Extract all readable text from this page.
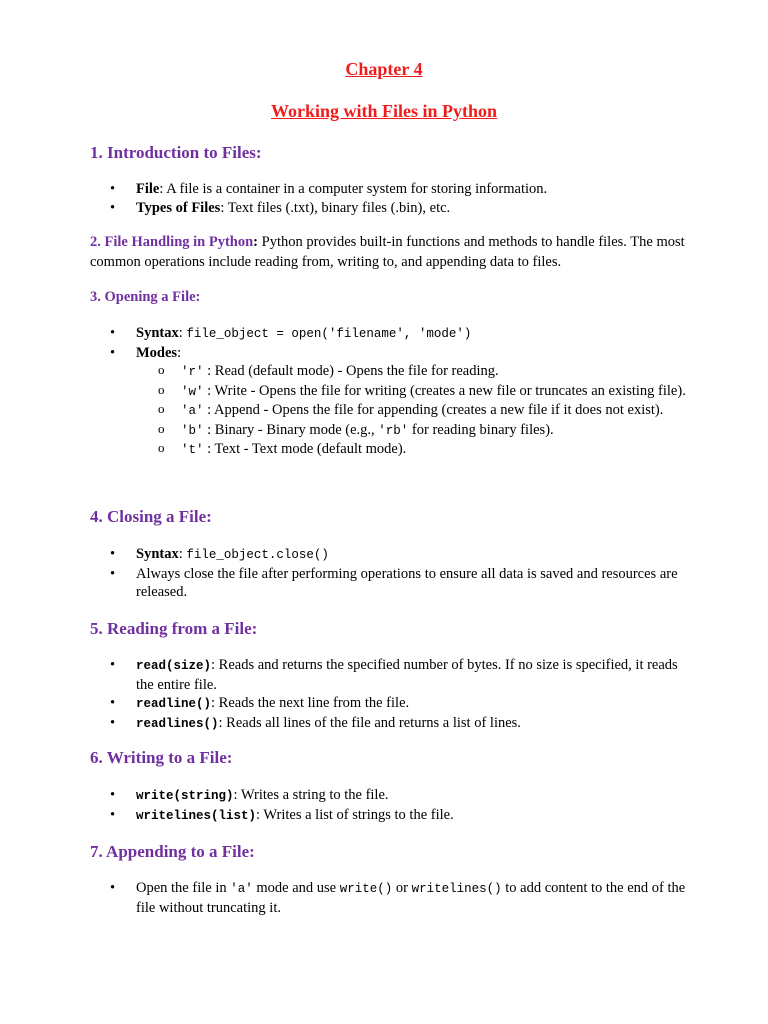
Chapter 4
Working with Files in Python
1. Introduction to Files:
• File: A file is a container in a computer system for storing information.
• Types of Files: Text files (.txt), binary files (.bin), etc.

2. File Handling in Python: Python provides built-in functions and methods to handle files. The most common operations include reading from, writing to, and appending data to files.

3. Opening a File:

• Syntax: file_object = open('filename', 'mode')
• Modes:
o 'r' : Read (default mode) - Opens the file for reading.
o 'w' : Write - Opens the file for writing (creates a new file or truncates an existing file).
o 'a' : Append - Opens the file for appending (creates a new file if it does not exist).
o 'b' : Binary - Binary mode (e.g., 'rb' for reading binary files).
o 't' : Text - Text mode (default mode).
4. Closing a File:
• Syntax: file_object.close()
• Always close the file after performing operations to ensure all data is saved and resources are released.
5. Reading from a File:
• read(size): Reads and returns the specified number of bytes. If no size is specified, it reads the entire file.
• readline(): Reads the next line from the file.
• readlines(): Reads all lines of the file and returns a list of lines.
6. Writing to a File:
• write(string): Writes a string to the file.
• writelines(list): Writes a list of strings to the file.
7. Appending to a File:
• Open the file in 'a' mode and use write() or writelines() to add content to the end of the file without truncating it.
